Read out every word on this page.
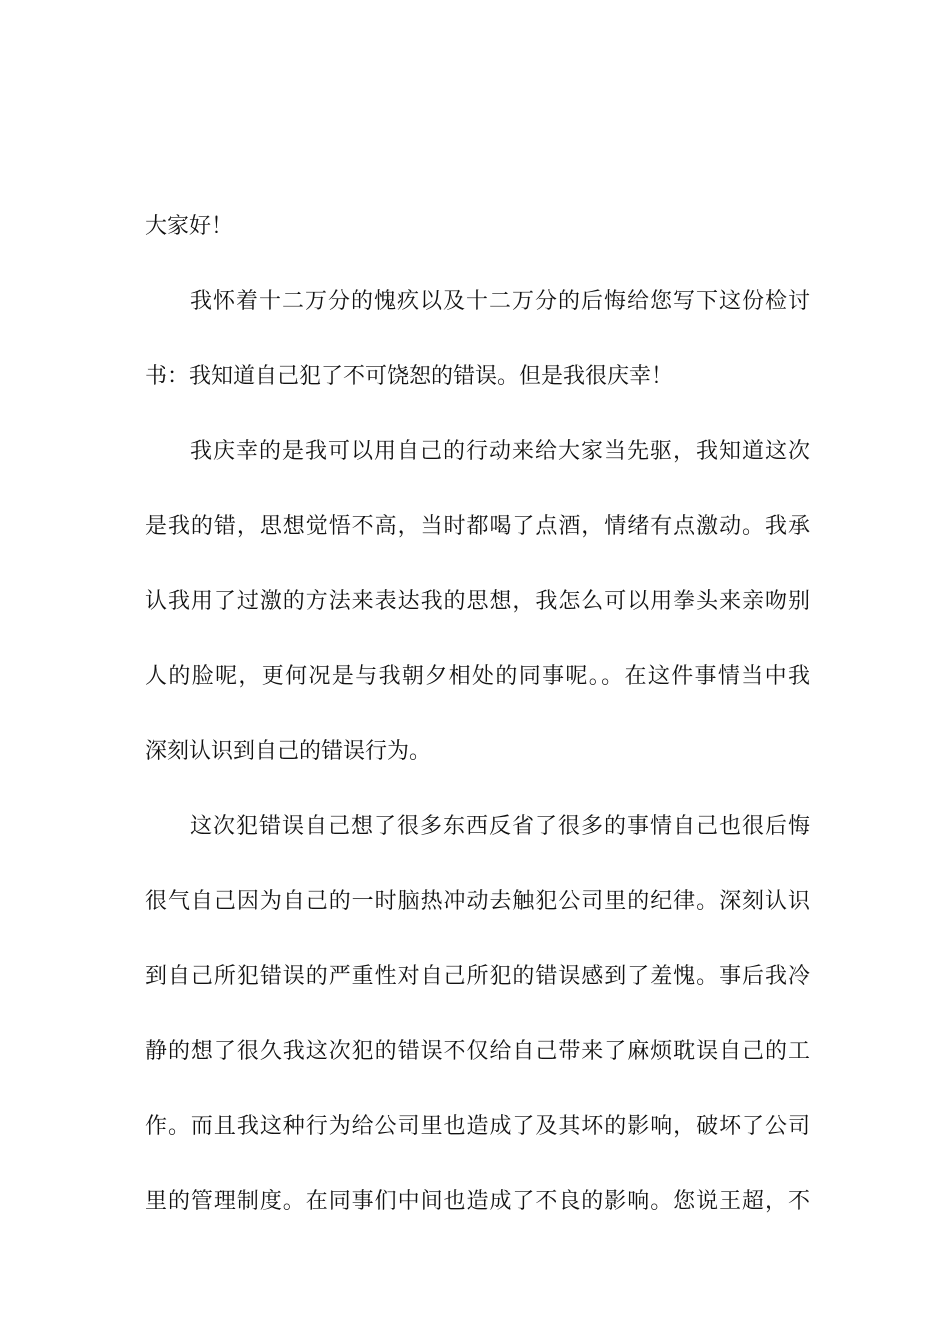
大家好！

我怀着十二万分的愧疚以及十二万分的后悔给您写下这份检讨

书：我知道自己犯了不可饶恕的错误。但是我很庆幸！

我庆幸的是我可以用自己的行动来给大家当先驱，我知道这次

是我的错，思想觉悟不高，当时都喝了点酒，情绪有点激动。我承

认我用了过激的方法来表达我的思想，我怎么可以用拳头来亲吻别

人的脸呢，更何况是与我朝夕相处的同事呢。。在这件事情当中我

深刻认识到自己的错误行为。

这次犯错误自己想了很多东西反省了很多的事情自己也很后悔

很气自己因为自己的一时脑热冲动去触犯公司里的纪律。深刻认识

到自己所犯错误的严重性对自己所犯的错误感到了羞愧。事后我冷

静的想了很久我这次犯的错误不仅给自己带来了麻烦耽误自己的工

作。而且我这种行为给公司里也造成了及其坏的影响，破坏了公司

里的管理制度。在同事们中间也造成了不良的影响。您说王超，不
